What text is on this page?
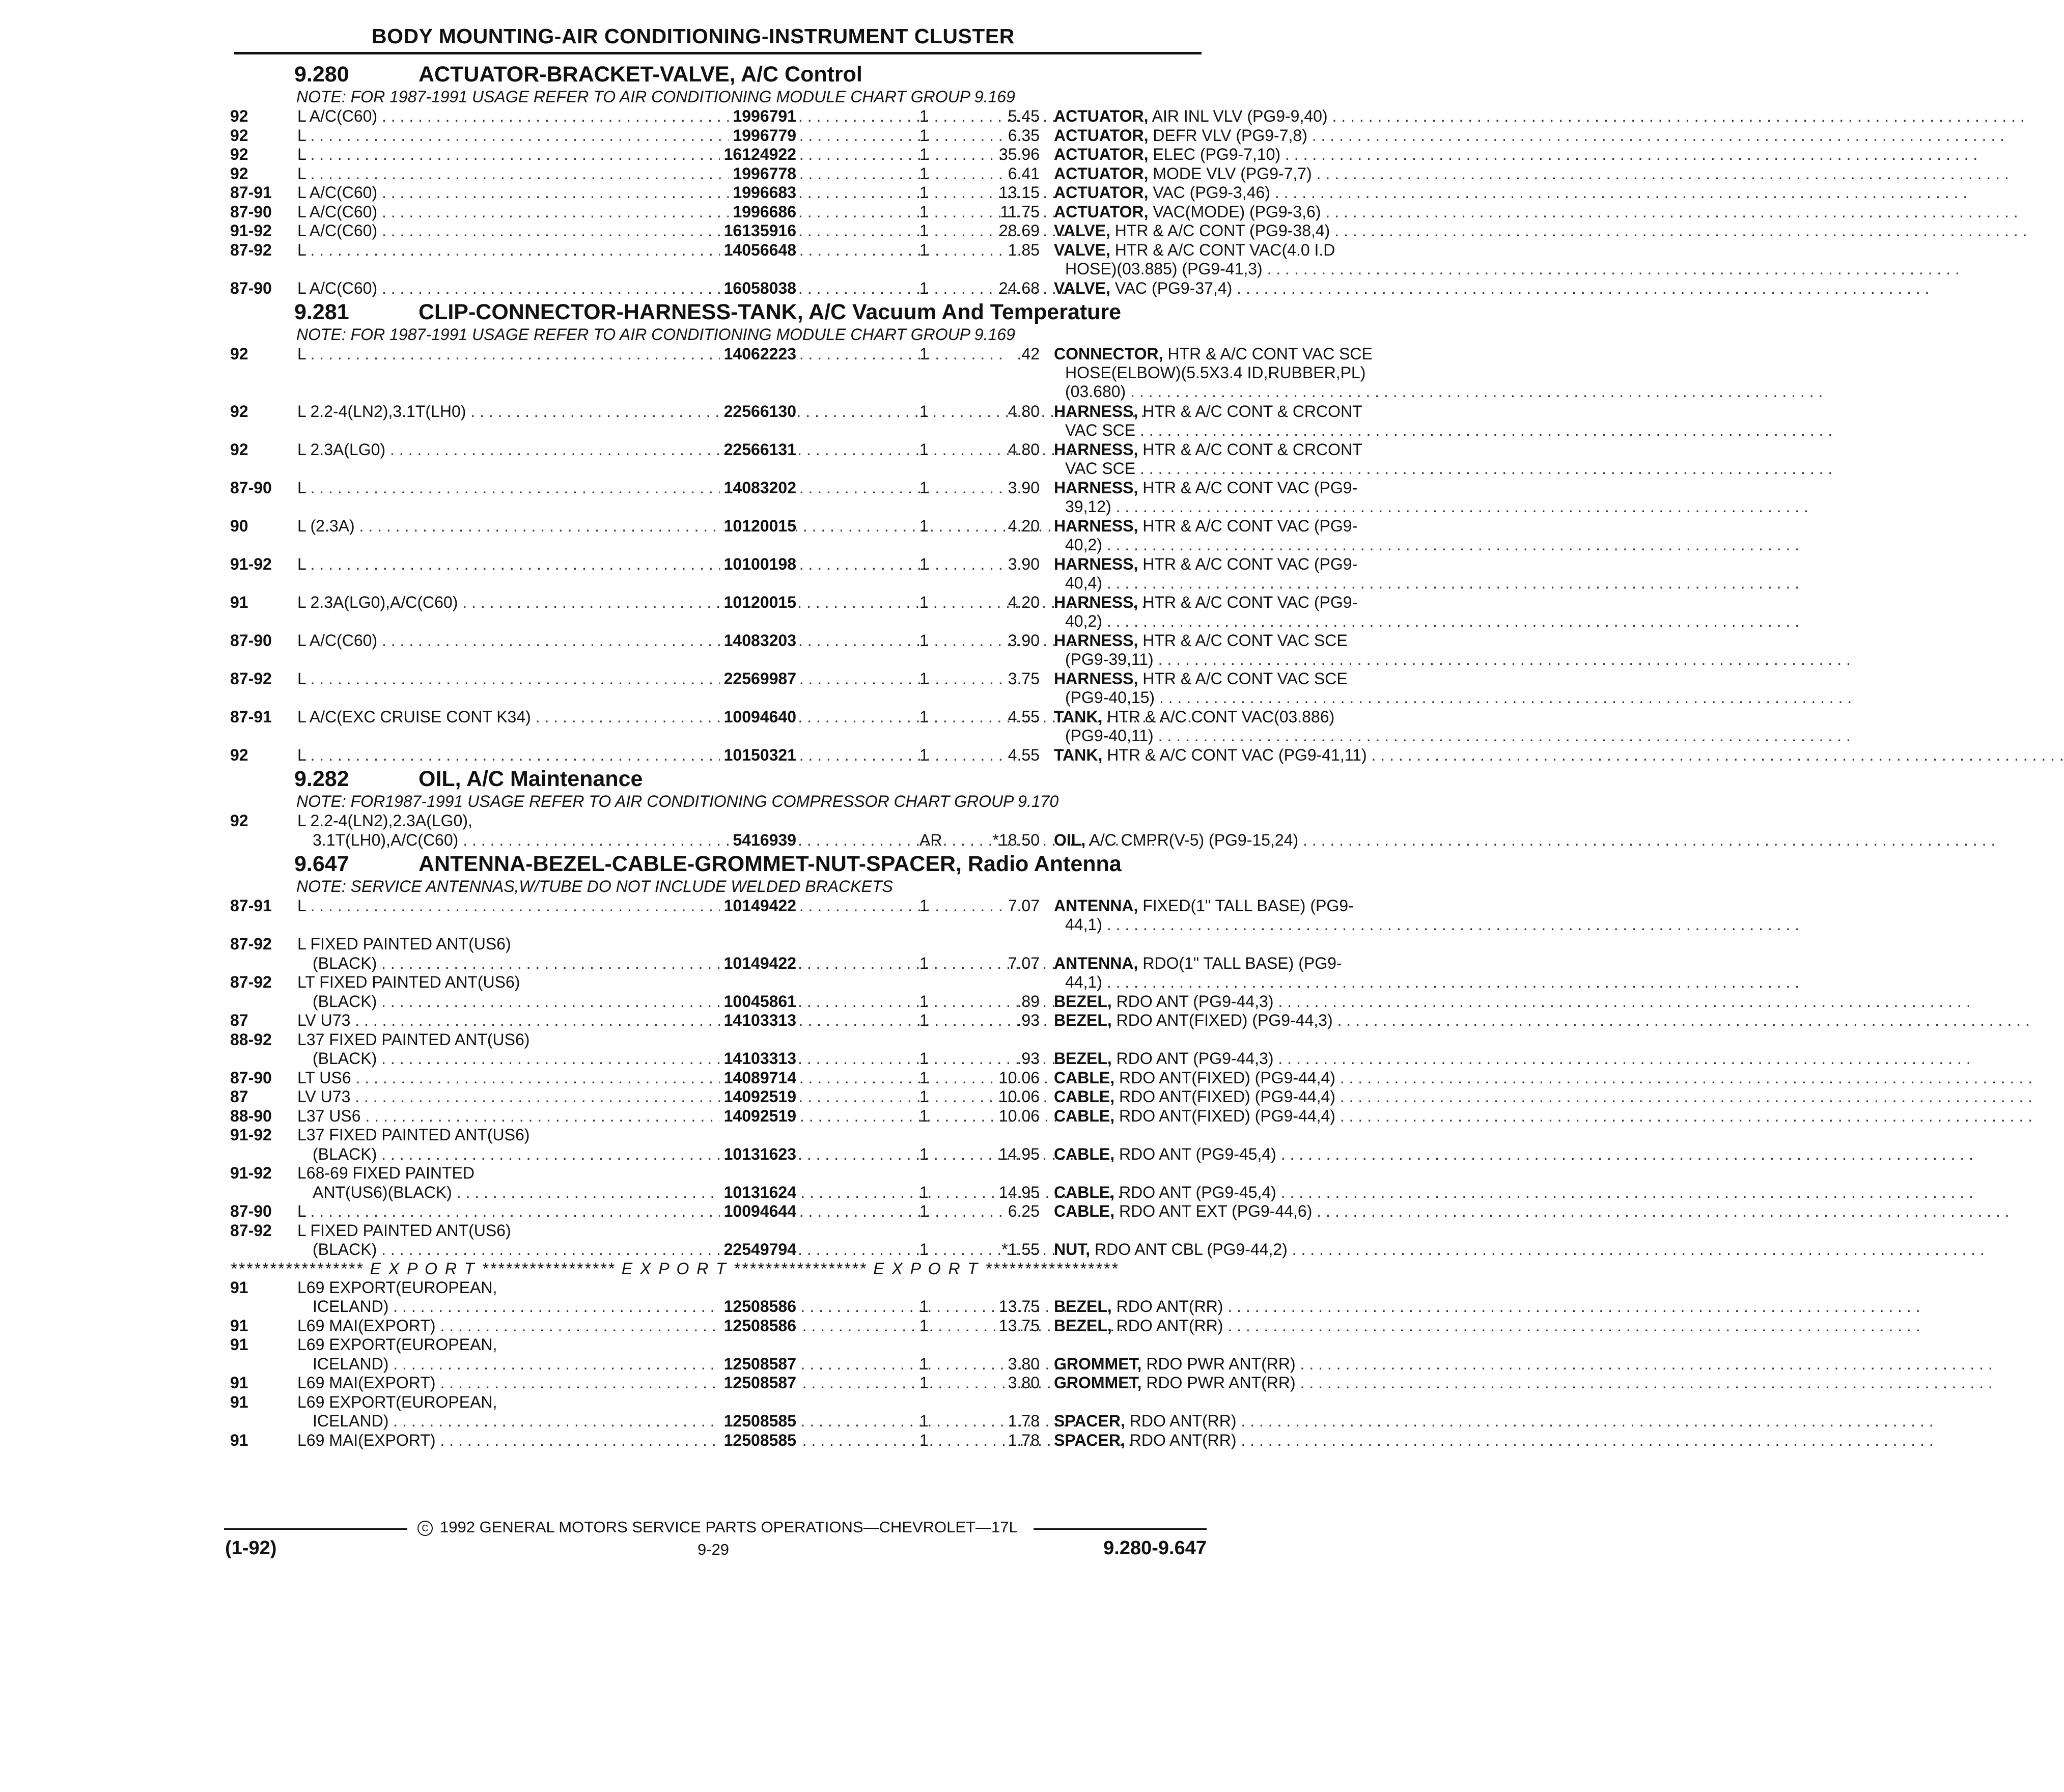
BODY MOUNTING-AIR CONDITIONING-INSTRUMENT CLUSTER
9.280	ACTUATOR-BRACKET-VALVE, A/C Control
NOTE: FOR 1987-1991 USAGE REFER TO AIR CONDITIONING MODULE CHART GROUP 9.169
92	L A/C(C60) . . .	1996791	1	5.45 ACTUATOR, AIR INL VLV (PG9-9,40) . . .
92	L . . .	1996779	1	6.35 ACTUATOR, DEFR VLV (PG9-7,8) . . .
92	L . . .	16124922	1	35.96 ACTUATOR, ELEC (PG9-7,10) . . .
92	L . . .	1996778	1	6.41 ACTUATOR, MODE VLV (PG9-7,7) . . .
87-91 L A/C(C60) . . .	1996683	1	13.15 ACTUATOR, VAC (PG9-3,46) . . .
87-90 L A/C(C60) . . .	1996686	1	11.75 ACTUATOR, VAC(MODE) (PG9-3,6) . . .
91-92 L A/C(C60) . . .	16135916	1	28.69 VALVE, HTR & A/C CONT (PG9-38,4) . . .
87-92 L . . .	14056648	1	1.85 VALVE, HTR & A/C CONT VAC(4.0 I.D
HOSE)(03.885) (PG9-41,3) . . .
87-90 L A/C(C60) . . .	16058038	1	24.68 VALVE, VAC (PG9-37,4) . . .
9.281	CLIP-CONNECTOR-HARNESS-TANK, A/C Vacuum And Temperature
NOTE: FOR 1987-1991 USAGE REFER TO AIR CONDITIONING MODULE CHART GROUP 9.169
92	L . . .	14062223	1	.42 CONNECTOR, HTR & A/C CONT VAC SCE
HOSE(ELBOW)(5.5X3.4 ID,RUBBER,PL)
(03.680) . . .
92	L 2.2-4(LN2),3.1T(LH0) . . .	22566130	1	4.80 HARNESS, HTR & A/C CONT & CRCONT
VAC SCE . . .
92	L 2.3A(LG0) . . .	22566131	1	4.80 HARNESS, HTR & A/C CONT & CRCONT
VAC SCE . . .
87-90 L . . .	14083202	1	3.90 HARNESS, HTR & A/C CONT VAC (PG9-
39,12) . . .
90	L (2.3A) . . .	10120015	1	4.20 HARNESS, HTR & A/C CONT VAC (PG9-
40,2) . . .
91-92 L . . .	10100198	1	3.90 HARNESS, HTR & A/C CONT VAC (PG9-
40,4) . . .
91	L 2.3A(LG0),A/C(C60) . . .	10120015	1	4.20 HARNESS, HTR & A/C CONT VAC (PG9-
40,2) . . .
87-90 L A/C(C60) . . .	14083203	1	3.90 HARNESS, HTR & A/C CONT VAC SCE
(PG9-39,11) . . .
87-92 L . . .	22569987	1	3.75 HARNESS, HTR & A/C CONT VAC SCE
(PG9-40,15) . . .
87-91 L A/C(EXC CRUISE CONT K34) . . .	10094640	1	4.55 TANK, HTR & A/C CONT VAC(03.886)
(PG9-40,11) . . .
92	L . . .	10150321	1	4.55 TANK, HTR & A/C CONT VAC (PG9-41,11) . . .
9.282	OIL, A/C Maintenance
NOTE: FOR1987-1991 USAGE REFER TO AIR CONDITIONING COMPRESSOR CHART GROUP 9.170
92	L 2.2-4(LN2),2.3A(LG0),
3.1T(LH0),A/C(C60) . . .	5416939	AR	*18.50 OIL, A/C CMPR(V-5) (PG9-15,24) . . .
9.647	ANTENNA-BEZEL-CABLE-GROMMET-NUT-SPACER, Radio Antenna
NOTE: SERVICE ANTENNAS,W/TUBE DO NOT INCLUDE WELDED BRACKETS
87-91 L . . .	10149422	1	7.07 ANTENNA, FIXED(1" TALL BASE) (PG9-
44,1) . . .
87-92 L FIXED PAINTED ANT(US6)
(BLACK) . . .	10149422	1	7.07 ANTENNA, RDO(1" TALL BASE) (PG9-
44,1) . . .
87-92 LT FIXED PAINTED ANT(US6)
(BLACK) . . .	10045861	1	.89 BEZEL, RDO ANT (PG9-44,3) . . .
87	LV U73 . . .	14103313	1	.93 BEZEL, RDO ANT(FIXED) (PG9-44,3) . . .
88-92 L37 FIXED PAINTED ANT(US6)
(BLACK) . . .	14103313	1	.93 BEZEL, RDO ANT (PG9-44,3) . . .
87-90 LT US6 . . .	14089714	1	10.06 CABLE, RDO ANT(FIXED) (PG9-44,4) . . .
87	LV U73 . . .	14092519	1	10.06 CABLE, RDO ANT(FIXED) (PG9-44,4) . . .
88-90 L37 US6 . . .	14092519	1	10.06 CABLE, RDO ANT(FIXED) (PG9-44,4) . . .
91-92 L37 FIXED PAINTED ANT(US6)
(BLACK) . . .	10131623	1	14.95 CABLE, RDO ANT (PG9-45,4) . . .
91-92 L68-69 FIXED PAINTED
ANT(US6)(BLACK) . . .	10131624	1	14.95 CABLE, RDO ANT (PG9-45,4) . . .
87-90 L . . .	10094644	1	6.25 CABLE, RDO ANT EXT (PG9-44,6) . . .
87-92 L FIXED PAINTED ANT(US6)
(BLACK) . . .	22549794	1	*1.55 NUT, RDO ANT CBL (PG9-44,2) . . .
***************** E X P O R T ***************** E X P O R T ***************** E X P O R T *****************
91	L69 EXPORT(EUROPEAN,
ICELAND) . . .	12508586	1	13.75 BEZEL, RDO ANT(RR) . . .
91	L69 MAI(EXPORT) . . .	12508586	1	13.75 BEZEL, RDO ANT(RR) . . .
91	L69 EXPORT(EUROPEAN,
ICELAND) . . .	12508587	1	3.80 GROMMET, RDO PWR ANT(RR) . . .
91	L69 MAI(EXPORT) . . .	12508587	1	3.80 GROMMET, RDO PWR ANT(RR) . . .
91	L69 EXPORT(EUROPEAN,
ICELAND) . . .	12508585	1	1.78 SPACER, RDO ANT(RR) . . .
91	L69 MAI(EXPORT) . . .	12508585	1	1.78 SPACER, RDO ANT(RR) . . .
C 1992 GENERAL MOTORS SERVICE PARTS OPERATIONS—CHEVROLET—17L
(1-92)	9-29	9.280-9.647
